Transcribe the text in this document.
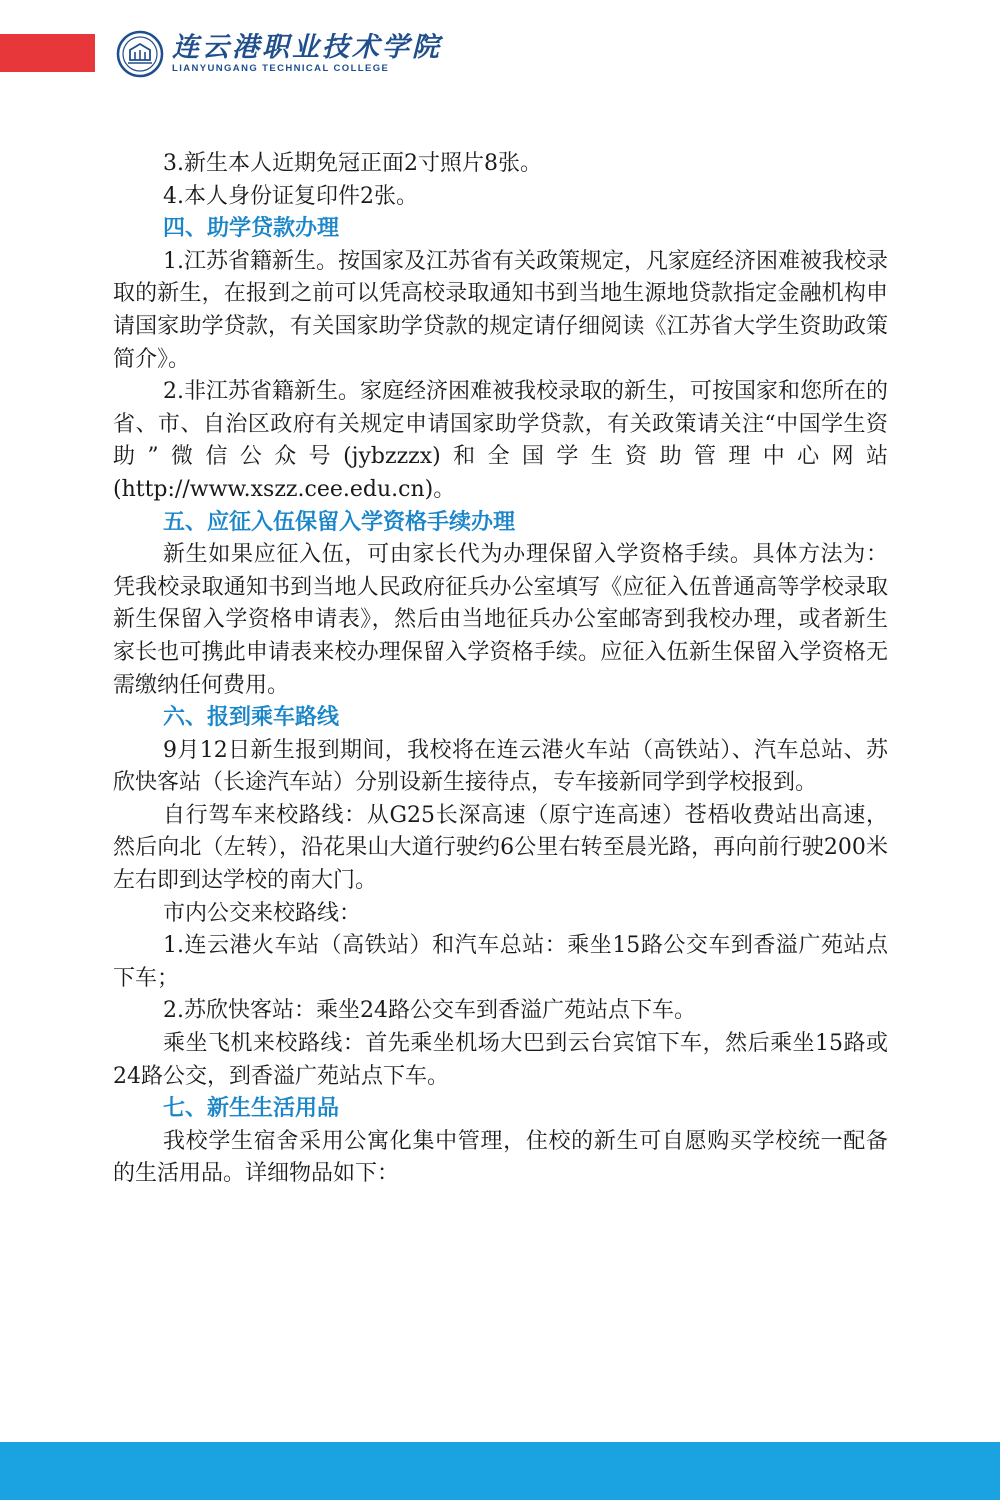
连云港职业技术学院
LIANYUNGANG TECHNICAL COLLEGE

3.新生本人近期免冠正面2寸照片8张。

4.本人身份证复印件2张。

四、助学贷款办理

1.江苏省籍新生。按国家及江苏省有关政策规定，凡家庭经济困难被我校录取的新生，在报到之前可以凭高校录取通知书到当地生源地贷款指定金融机构申请国家助学贷款，有关国家助学贷款的规定请仔细阅读《江苏省大学生资助政策简介》。

2.非江苏省籍新生。家庭经济困难被我校录取的新生，可按国家和您所在的省、市、自治区政府有关规定申请国家助学贷款，有关政策请关注“中国学生资助”微信公众号(jybzzzx)和全国学生资助管理中心网站(http://www.xszz.cee.edu.cn)。

五、应征入伍保留入学资格手续办理

新生如果应征入伍，可由家长代为办理保留入学资格手续。具体方法为：凭我校录取通知书到当地人民政府征兵办公室填写《应征入伍普通高等学校录取新生保留入学资格申请表》，然后由当地征兵办公室邮寄到我校办理，或者新生家长也可携此申请表来校办理保留入学资格手续。应征入伍新生保留入学资格无需缴纳任何费用。

六、报到乘车路线

9月12日新生报到期间，我校将在连云港火车站（高铁站）、汽车总站、苏欣快客站（长途汽车站）分别设新生接待点，专车接新同学到学校报到。

自行驾车来校路线：从G25长深高速（原宁连高速）苍梧收费站出高速，然后向北（左转），沿花果山大道行驶约6公里右转至晨光路，再向前行驶200米左右即到达学校的南大门。

市内公交来校路线：

1.连云港火车站（高铁站）和汽车总站：乘坐15路公交车到香溢广苑站点下车；

2.苏欣快客站：乘坐24路公交车到香溢广苑站点下车。

乘坐飞机来校路线：首先乘坐机场大巴到云台宾馆下车，然后乘坐15路或24路公交，到香溢广苑站点下车。

七、新生生活用品

我校学生宿舍采用公寓化集中管理，住校的新生可自愿购买学校统一配备的生活用品。详细物品如下：
